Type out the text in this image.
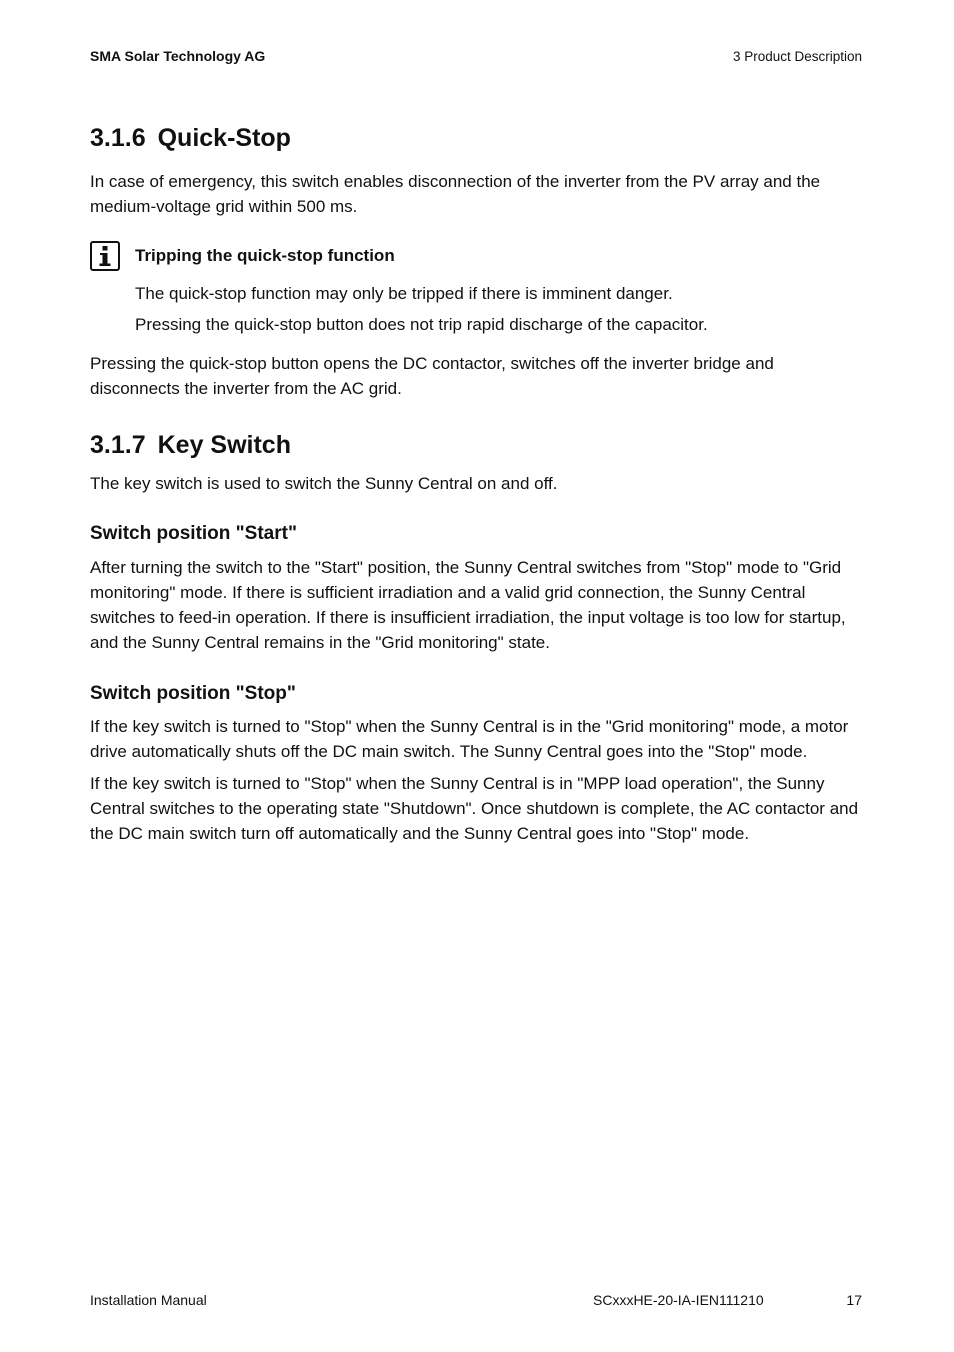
SMA Solar Technology AG	3 Product Description
3.1.6 Quick-Stop

In case of emergency, this switch enables disconnection of the inverter from the PV array and the medium-voltage grid within 500 ms.

Tripping the quick-stop function

The quick-stop function may only be tripped if there is imminent danger.

Pressing the quick-stop button does not trip rapid discharge of the capacitor.

Pressing the quick-stop button opens the DC contactor, switches off the inverter bridge and disconnects the inverter from the AC grid.

3.1.7 Key Switch

The key switch is used to switch the Sunny Central on and off.

Switch position "Start"

After turning the switch to the "Start" position, the Sunny Central switches from "Stop" mode to "Grid monitoring" mode. If there is sufficient irradiation and a valid grid connection, the Sunny Central switches to feed-in operation. If there is insufficient irradiation, the input voltage is too low for startup, and the Sunny Central remains in the "Grid monitoring" state.

Switch position "Stop"

If the key switch is turned to "Stop" when the Sunny Central is in the "Grid monitoring" mode, a motor drive automatically shuts off the DC main switch. The Sunny Central goes into the "Stop" mode.

If the key switch is turned to "Stop" when the Sunny Central is in "MPP load operation", the Sunny Central switches to the operating state "Shutdown". Once shutdown is complete, the AC contactor and the DC main switch turn off automatically and the Sunny Central goes into "Stop" mode.

Installation Manual	SCxxxHE-20-IA-IEN111210	17
